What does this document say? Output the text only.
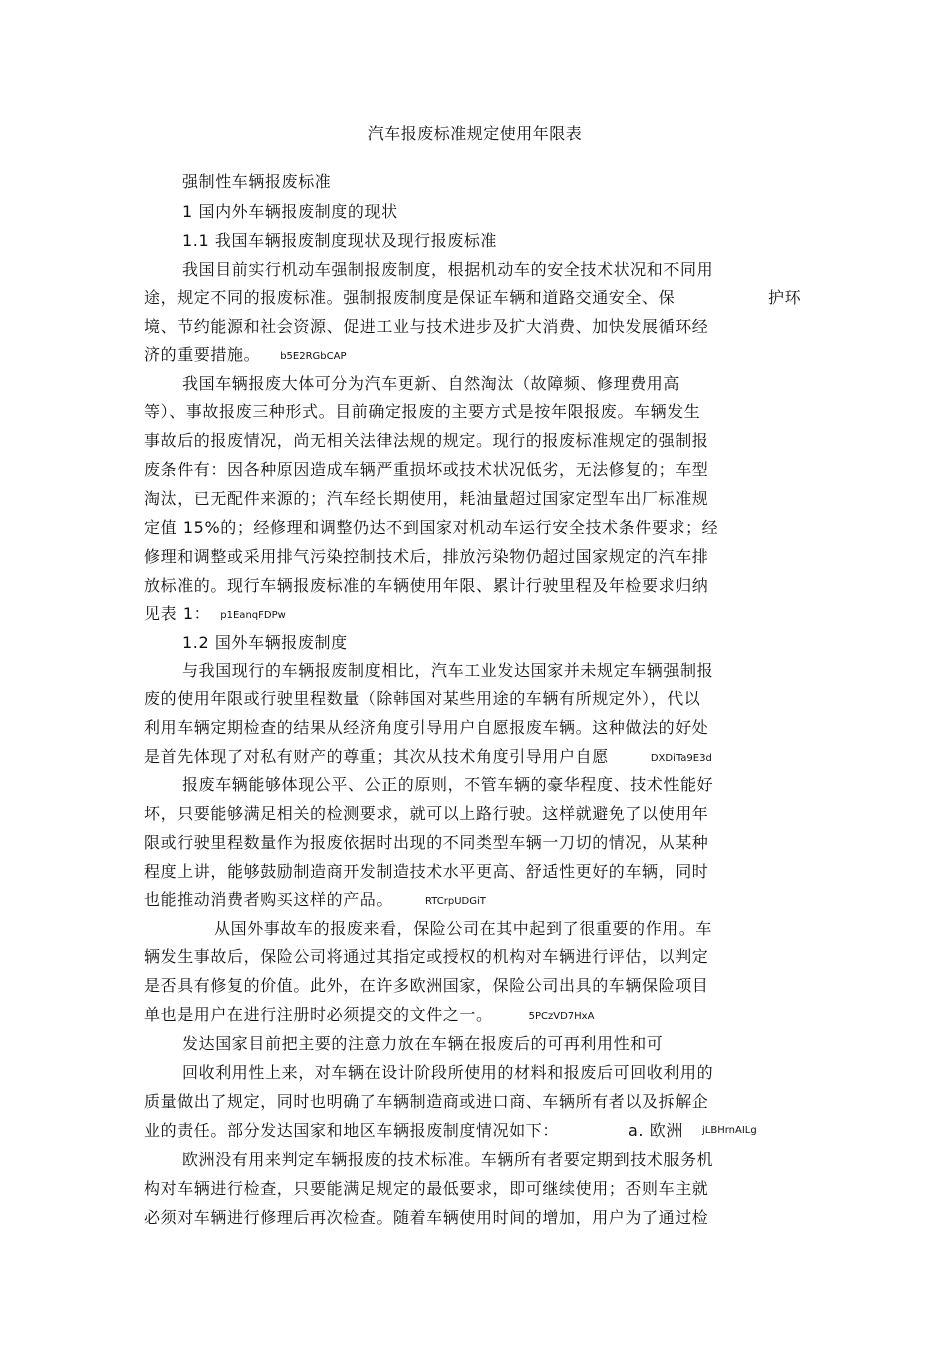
汽车报废标准规定使用年限表
强制性车辆报废标准
1 国内外车辆报废制度的现状
1.1 我国车辆报废制度现状及现行报废标准
我国目前实行机动车强制报废制度，根据机动车的安全技术状况和不同用
途，规定不同的报废标准。强制报废制度是保证车辆和道路交通安全、保	护环
境、节约能源和社会资源、促进工业与技术进步及扩大消费、加快发展循环经
济的重要措施。 b5E2RGbCAP
我国车辆报废大体可分为汽车更新、自然淘汰（故障频、修理费用高
等）、事故报废三种形式。目前确定报废的主要方式是按年限报废。车辆发生
事故后的报废情况，尚无相关法律法规的规定。现行的报废标准规定的强制报
废条件有：因各种原因造成车辆严重损坏或技术状况低劣，无法修复的；车型
淘汰，已无配件来源的；汽车经长期使用，耗油量超过国家定型车出厂标准规
定值 15%的；经修理和调整仍达不到国家对机动车运行安全技术条件要求；经
修理和调整或采用排气污染控制技术后，排放污染物仍超过国家规定的汽车排
放标准的。现行车辆报废标准的车辆使用年限、累计行驶里程及年检要求归纳
见表 1： p1EanqFDPw
1.2 国外车辆报废制度
与我国现行的车辆报废制度相比，汽车工业发达国家并未规定车辆强制报
废的使用年限或行驶里程数量（除韩国对某些用途的车辆有所规定外），代以
利用车辆定期检查的结果从经济角度引导用户自愿报废车辆。这种做法的好处
是首先体现了对私有财产的尊重；其次从技术角度引导用户自愿	DXDiTa9E3d
报废车辆能够体现公平、公正的原则，不管车辆的豪华程度、技术性能好
坏，只要能够满足相关的检测要求，就可以上路行驶。这样就避免了以使用年
限或行驶里程数量作为报废依据时出现的不同类型车辆一刀切的情况，从某种
程度上讲，能够鼓励制造商开发制造技术水平更高、舒适性更好的车辆，同时
也能推动消费者购买这样的产品。	RTCrpUDGiT
从国外事故车的报废来看，保险公司在其中起到了很重要的作用。车
辆发生事故后，保险公司将通过其指定或授权的机构对车辆进行评估，以判定
是否具有修复的价值。此外，在许多欧洲国家，保险公司出具的车辆保险项目
单也是用户在进行注册时必须提交的文件之一。	5PCzVD7HxA
发达国家目前把主要的注意力放在车辆在报废后的可再利用性和可
回收利用性上来，对车辆在设计阶段所使用的材料和报废后可回收利用的
质量做出了规定，同时也明确了车辆制造商或进口商、车辆所有者以及拆解企
业的责任。部分发达国家和地区车辆报废制度情况如下：	a. 欧洲 jLBHrnAILg
欧洲没有用来判定车辆报废的技术标准。车辆所有者要定期到技术服务机
构对车辆进行检查，只要能满足规定的最低要求，即可继续使用；否则车主就
必须对车辆进行修理后再次检查。随着车辆使用时间的增加，用户为了通过检
